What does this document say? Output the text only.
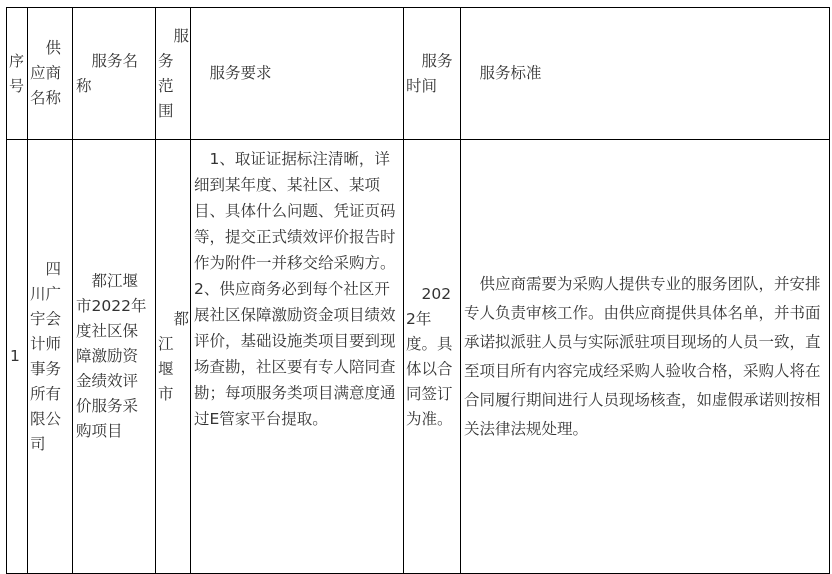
序号	供应商名称	服务名称	服务范围	服务要求	服务时间	服务标准

1	四川广宇会计师事务所有限公司	都江堰市2022年度社区保障激励资金绩效评价服务采购项目	都江堰市	1、取证证据标注清晰，详细到某年度、某社区、某项目、具体什么问题、凭证页码等，提交正式绩效评价报告时作为附件一并移交给采购方。
2、供应商务必到每个社区开展社区保障激励资金项目绩效评价，基础设施类项目要到现场查勘，社区要有专人陪同查勘；每项服务类项目满意度通过E管家平台提取。	2022年度。具体以合同签订为准。	供应商需要为采购人提供专业的服务团队，并安排专人负责审核工作。由供应商提供具体名单，并书面承诺拟派驻人员与实际派驻项目现场的人员一致，直至项目所有内容完成经采购人验收合格，采购人将在合同履行期间进行人员现场核查，如虚假承诺则按相关法律法规处理。
